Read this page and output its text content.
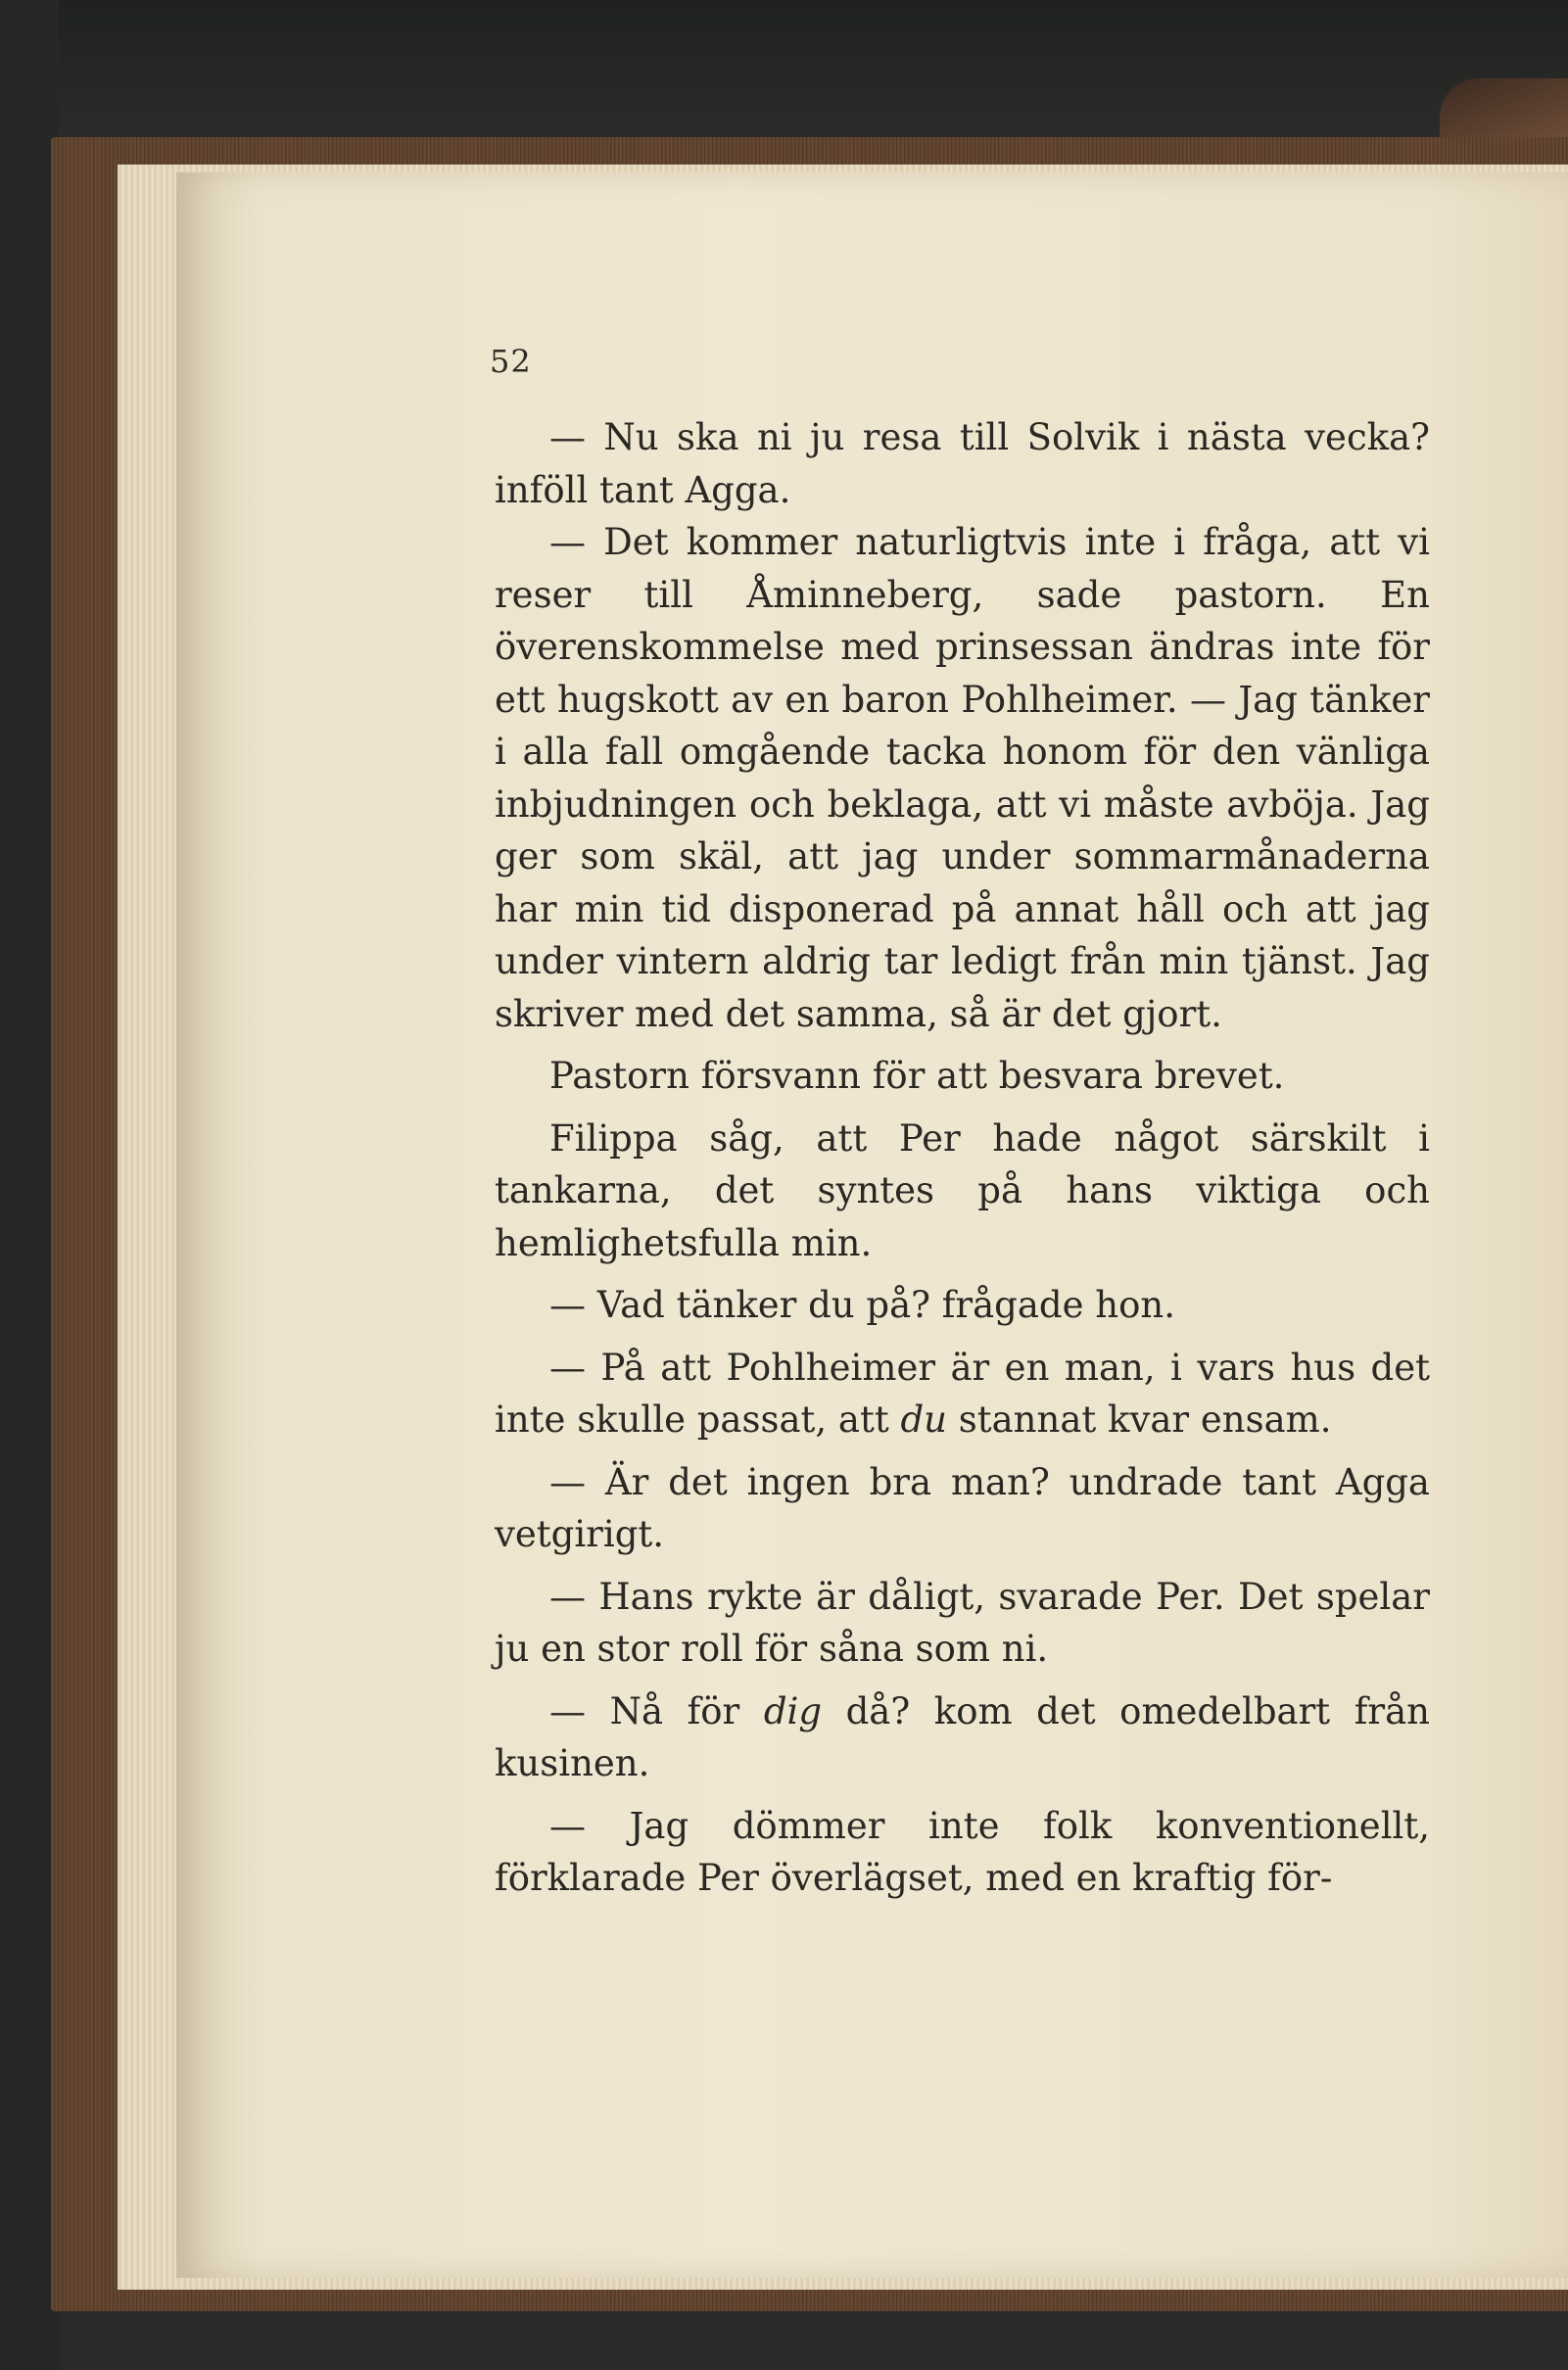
52

— Nu ska ni ju resa till Solvik i nästa vecka? inföll tant Agga.

— Det kommer naturligtvis inte i fråga, att vi reser till Åminneberg, sade pastorn. En överenskommelse med prinsessan ändras inte för ett hugskott av en baron Pohlheimer. — Jag tänker i alla fall omgående tacka honom för den vänliga inbjudningen och beklaga, att vi måste avböja. Jag ger som skäl, att jag under sommarmånaderna har min tid disponerad på annat håll och att jag under vintern aldrig tar ledigt från min tjänst. Jag skriver med det samma, så är det gjort.

Pastorn försvann för att besvara brevet.

Filippa såg, att Per hade något särskilt i tankarna, det syntes på hans viktiga och hemlighetsfulla min.

— Vad tänker du på? frågade hon.

— På att Pohlheimer är en man, i vars hus det inte skulle passat, att du stannat kvar ensam.

— Är det ingen bra man? undrade tant Agga vetgirigt.

— Hans rykte är dåligt, svarade Per. Det spelar ju en stor roll för såna som ni.

— Nå för dig då? kom det omedelbart från kusinen.

— Jag dömmer inte folk konventionellt, förklarade Per överlägset, med en kraftig för-
